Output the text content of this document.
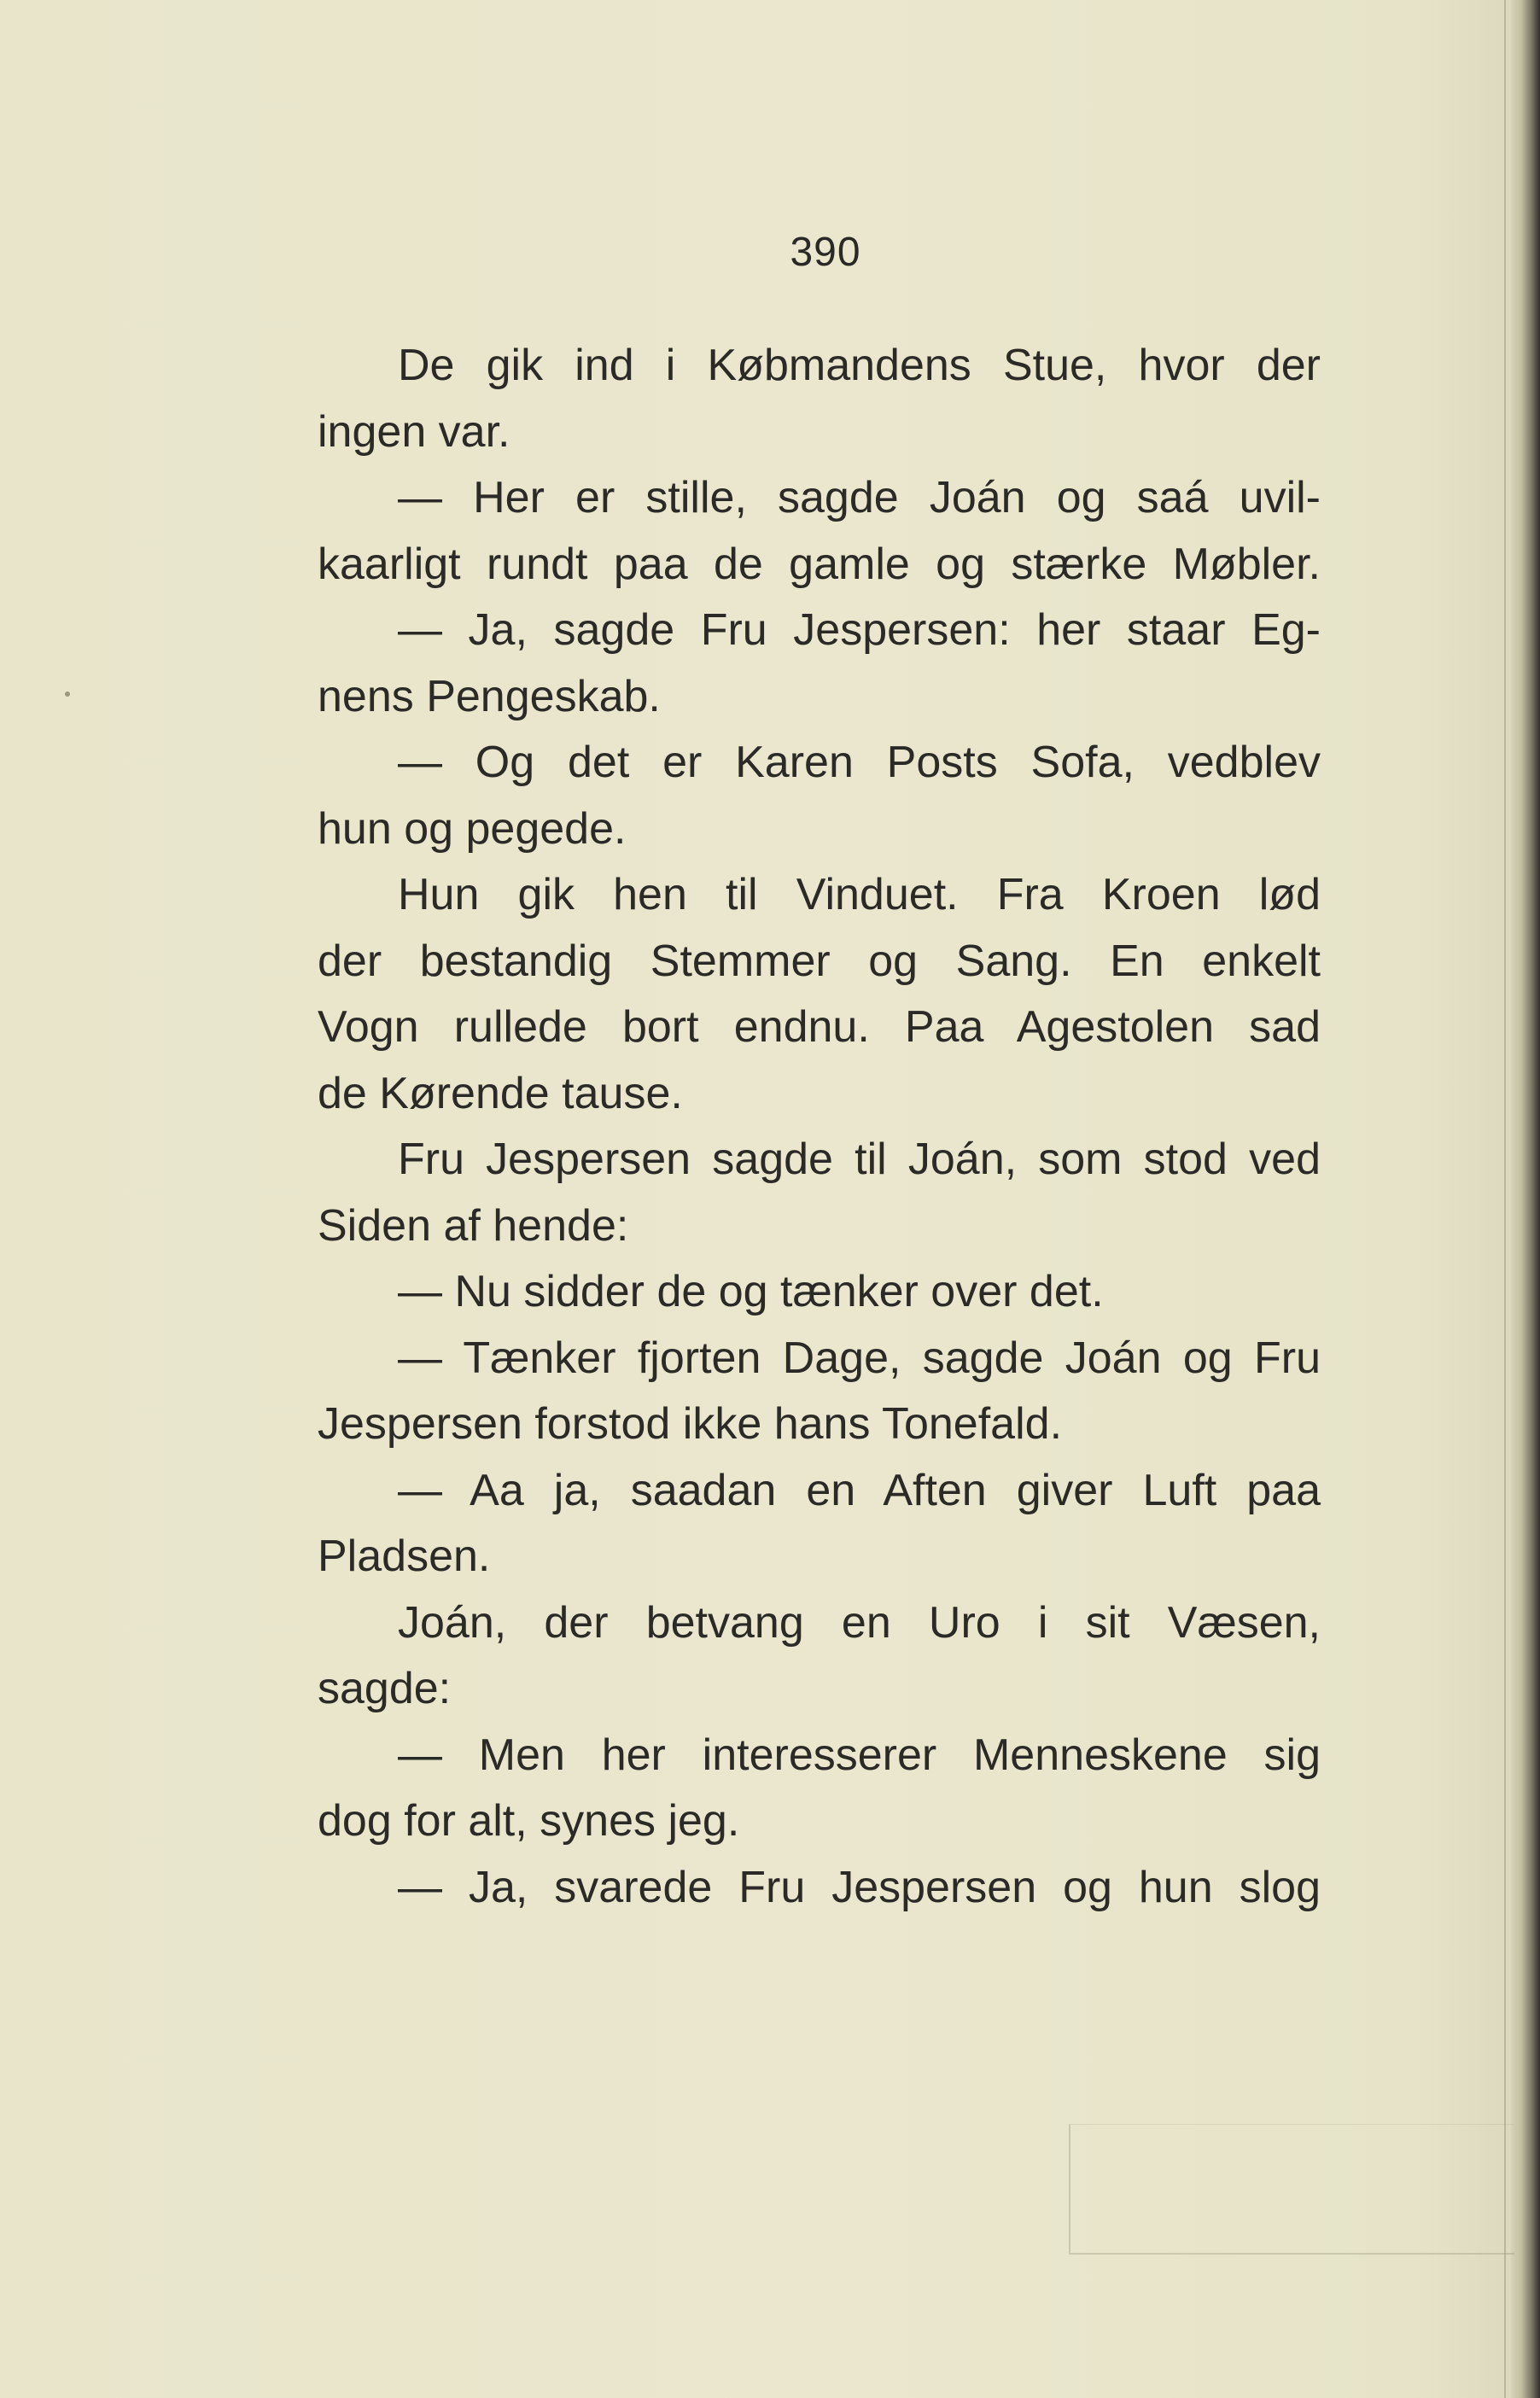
390
De gik ind i Købmandens Stue, hvor der
ingen var.
— Her er stille, sagde Joán og saá uvil-
kaarligt rundt paa de gamle og stærke Møbler.
— Ja, sagde Fru Jespersen: her staar Eg-
nens Pengeskab.
— Og det er Karen Posts Sofa, vedblev
hun og pegede.
Hun gik hen til Vinduet. Fra Kroen lød
der bestandig Stemmer og Sang. En enkelt
Vogn rullede bort endnu. Paa Agestolen sad
de Kørende tause.
Fru Jespersen sagde til Joán, som stod ved
Siden af hende:
— Nu sidder de og tænker over det.
— Tænker fjorten Dage, sagde Joán og Fru
Jespersen forstod ikke hans Tonefald.
— Aa ja, saadan en Aften giver Luft paa
Pladsen.
Joán, der betvang en Uro i sit Væsen,
sagde:
— Men her interesserer Menneskene sig
dog for alt, synes jeg.
— Ja, svarede Fru Jespersen og hun slog
